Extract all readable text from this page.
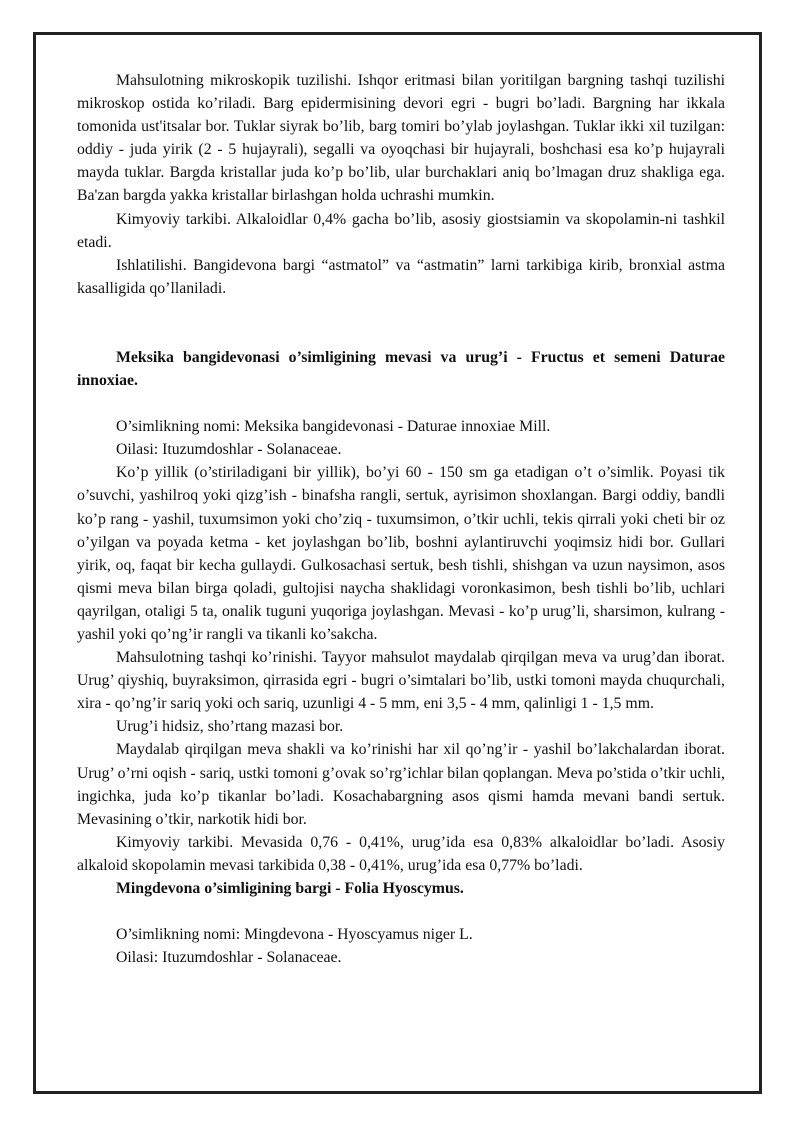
Mahsulotning mikroskopik tuzilishi. Ishqor eritmasi bilan yoritilgan bargning tashqi tuzilishi mikroskop ostida ko’riladi. Barg epidermisining devori egri - bugri bo’ladi. Bargning har ikkala tomonida ust'itsalar bor. Tuklar siyrak bo’lib, barg tomiri bo’ylab joylashgan. Tuklar ikki xil tuzilgan: oddiy - juda yirik (2 - 5 hujayrali), segalli va oyoqchasi bir hujayrali, boshchasi esa ko’p hujayrali mayda tuklar. Bargda kristallar juda ko’p bo’lib, ular burchaklari aniq bo’lmagan druz shakliga ega. Ba'zan bargda yakka kristallar birlashgan holda uchrashi mumkin.

Kimyoviy tarkibi. Alkaloidlar 0,4% gacha bo’lib, asosiy giostsiamin va skopolamin-ni tashkil etadi.

Ishlatilishi. Bangidevona bargi “astmatol” va “astmatin” larni tarkibiga kirib, bronxial astma kasalligida qo’llaniladi.

Meksika bangidevonasi o’simligining mevasi va urug’i - Fructus et semeni Daturae innoxiae.

O’simlikning nomi: Meksika bangidevonasi - Daturae innoxiae Mill.

Oilasi: Ituzumdoshlar - Solanaceae.

Ko’p yillik (o’stiriladigani bir yillik), bo’yi 60 - 150 sm ga etadigan o’t o’simlik. Poyasi tik o’suvchi, yashilroq yoki qizg’ish - binafsha rangli, sertuk, ayrisimon shoxlangan. Bargi oddiy, bandli ko’p rang - yashil, tuxumsimon yoki cho’ziq - tuxumsimon, o’tkir uchli, tekis qirrali yoki cheti bir oz o’yilgan va poyada ketma - ket joylashgan bo’lib, boshni aylantiruvchi yoqimsiz hidi bor. Gullari yirik, oq, faqat bir kecha gullaydi. Gulkosachasi sertuk, besh tishli, shishgan va uzun naysimon, asos qismi meva bilan birga qoladi, gultojisi naycha shaklidagi voronkasimon, besh tishli bo’lib, uchlari qayrilgan, otaligi 5 ta, onalik tuguni yuqoriga joylashgan. Mevasi - ko’p urug’li, sharsimon, kulrang - yashil yoki qo’ng’ir rangli va tikanli ko’sakcha.

Mahsulotning tashqi ko’rinishi. Tayyor mahsulot maydalab qirqilgan meva va urug’dan iborat. Urug’ qiyshiq, buyraksimon, qirrasida egri - bugri o’simtalari bo’lib, ustki tomoni mayda chuqurchali, xira - qo’ng’ir sariq yoki och sariq, uzunligi 4 - 5 mm, eni 3,5 - 4 mm, qalinligi 1 - 1,5 mm.

Urug’i hidsiz, sho’rtang mazasi bor.

Maydalab qirqilgan meva shakli va ko’rinishi har xil qo’ng’ir - yashil bo’lakchalardan iborat. Urug’ o’rni oqish - sariq, ustki tomoni g’ovak so’rg’ichlar bilan qoplangan. Meva po’stida o’tkir uchli, ingichka, juda ko’p tikanlar bo’ladi. Kosachabargning asos qismi hamda mevani bandi sertuk. Mevasining o’tkir, narkotik hidi bor.

Kimyoviy tarkibi. Mevasida 0,76 - 0,41%, urug’ida esa 0,83% alkaloidlar bo’ladi. Asosiy alkaloid skopolamin mevasi tarkibida 0,38 - 0,41%, urug’ida esa 0,77% bo’ladi.

Mingdevona o’simligining bargi - Folia Hyoscymus.

O’simlikning nomi: Mingdevona - Hyoscyamus niger L.

Oilasi: Ituzumdoshlar - Solanaceae.
